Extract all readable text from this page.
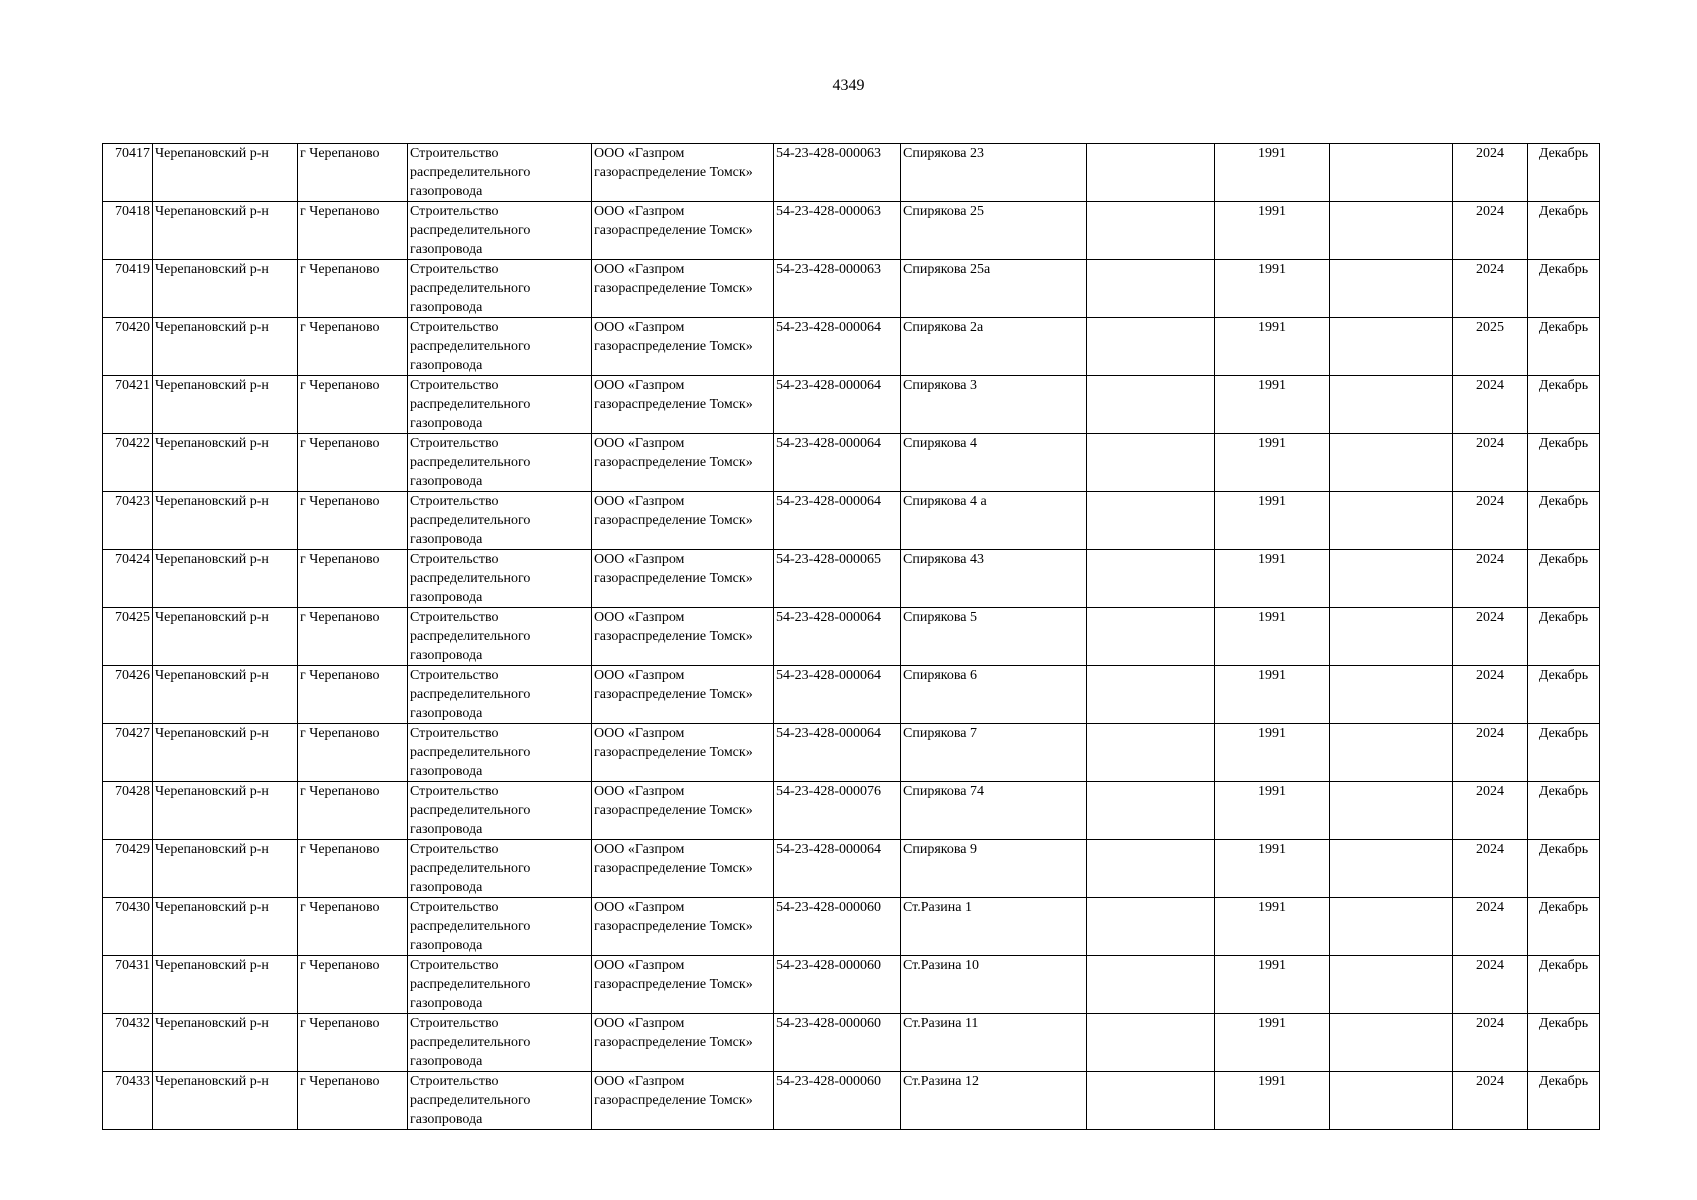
4349
70417	Черепановский р-н	г Черепаново	Строительство распределительного газопровода	ООО «Газпром газораспределение Томск»	54-23-428-000063	Спирякова 23		1991		2024	Декабрь
70418	Черепановский р-н	г Черепаново	Строительство распределительного газопровода	ООО «Газпром газораспределение Томск»	54-23-428-000063	Спирякова 25		1991		2024	Декабрь
70419	Черепановский р-н	г Черепаново	Строительство распределительного газопровода	ООО «Газпром газораспределение Томск»	54-23-428-000063	Спирякова 25а		1991		2024	Декабрь
70420	Черепановский р-н	г Черепаново	Строительство распределительного газопровода	ООО «Газпром газораспределение Томск»	54-23-428-000064	Спирякова 2а		1991		2025	Декабрь
70421	Черепановский р-н	г Черепаново	Строительство распределительного газопровода	ООО «Газпром газораспределение Томск»	54-23-428-000064	Спирякова 3		1991		2024	Декабрь
70422	Черепановский р-н	г Черепаново	Строительство распределительного газопровода	ООО «Газпром газораспределение Томск»	54-23-428-000064	Спирякова 4		1991		2024	Декабрь
70423	Черепановский р-н	г Черепаново	Строительство распределительного газопровода	ООО «Газпром газораспределение Томск»	54-23-428-000064	Спирякова 4 а		1991		2024	Декабрь
70424	Черепановский р-н	г Черепаново	Строительство распределительного газопровода	ООО «Газпром газораспределение Томск»	54-23-428-000065	Спирякова 43		1991		2024	Декабрь
70425	Черепановский р-н	г Черепаново	Строительство распределительного газопровода	ООО «Газпром газораспределение Томск»	54-23-428-000064	Спирякова 5		1991		2024	Декабрь
70426	Черепановский р-н	г Черепаново	Строительство распределительного газопровода	ООО «Газпром газораспределение Томск»	54-23-428-000064	Спирякова 6		1991		2024	Декабрь
70427	Черепановский р-н	г Черепаново	Строительство распределительного газопровода	ООО «Газпром газораспределение Томск»	54-23-428-000064	Спирякова 7		1991		2024	Декабрь
70428	Черепановский р-н	г Черепаново	Строительство распределительного газопровода	ООО «Газпром газораспределение Томск»	54-23-428-000076	Спирякова 74		1991		2024	Декабрь
70429	Черепановский р-н	г Черепаново	Строительство распределительного газопровода	ООО «Газпром газораспределение Томск»	54-23-428-000064	Спирякова 9		1991		2024	Декабрь
70430	Черепановский р-н	г Черепаново	Строительство распределительного газопровода	ООО «Газпром газораспределение Томск»	54-23-428-000060	Ст.Разина 1		1991		2024	Декабрь
70431	Черепановский р-н	г Черепаново	Строительство распределительного газопровода	ООО «Газпром газораспределение Томск»	54-23-428-000060	Ст.Разина 10		1991		2024	Декабрь
70432	Черепановский р-н	г Черепаново	Строительство распределительного газопровода	ООО «Газпром газораспределение Томск»	54-23-428-000060	Ст.Разина 11		1991		2024	Декабрь
70433	Черепановский р-н	г Черепаново	Строительство распределительного газопровода	ООО «Газпром газораспределение Томск»	54-23-428-000060	Ст.Разина 12		1991		2024	Декабрь
